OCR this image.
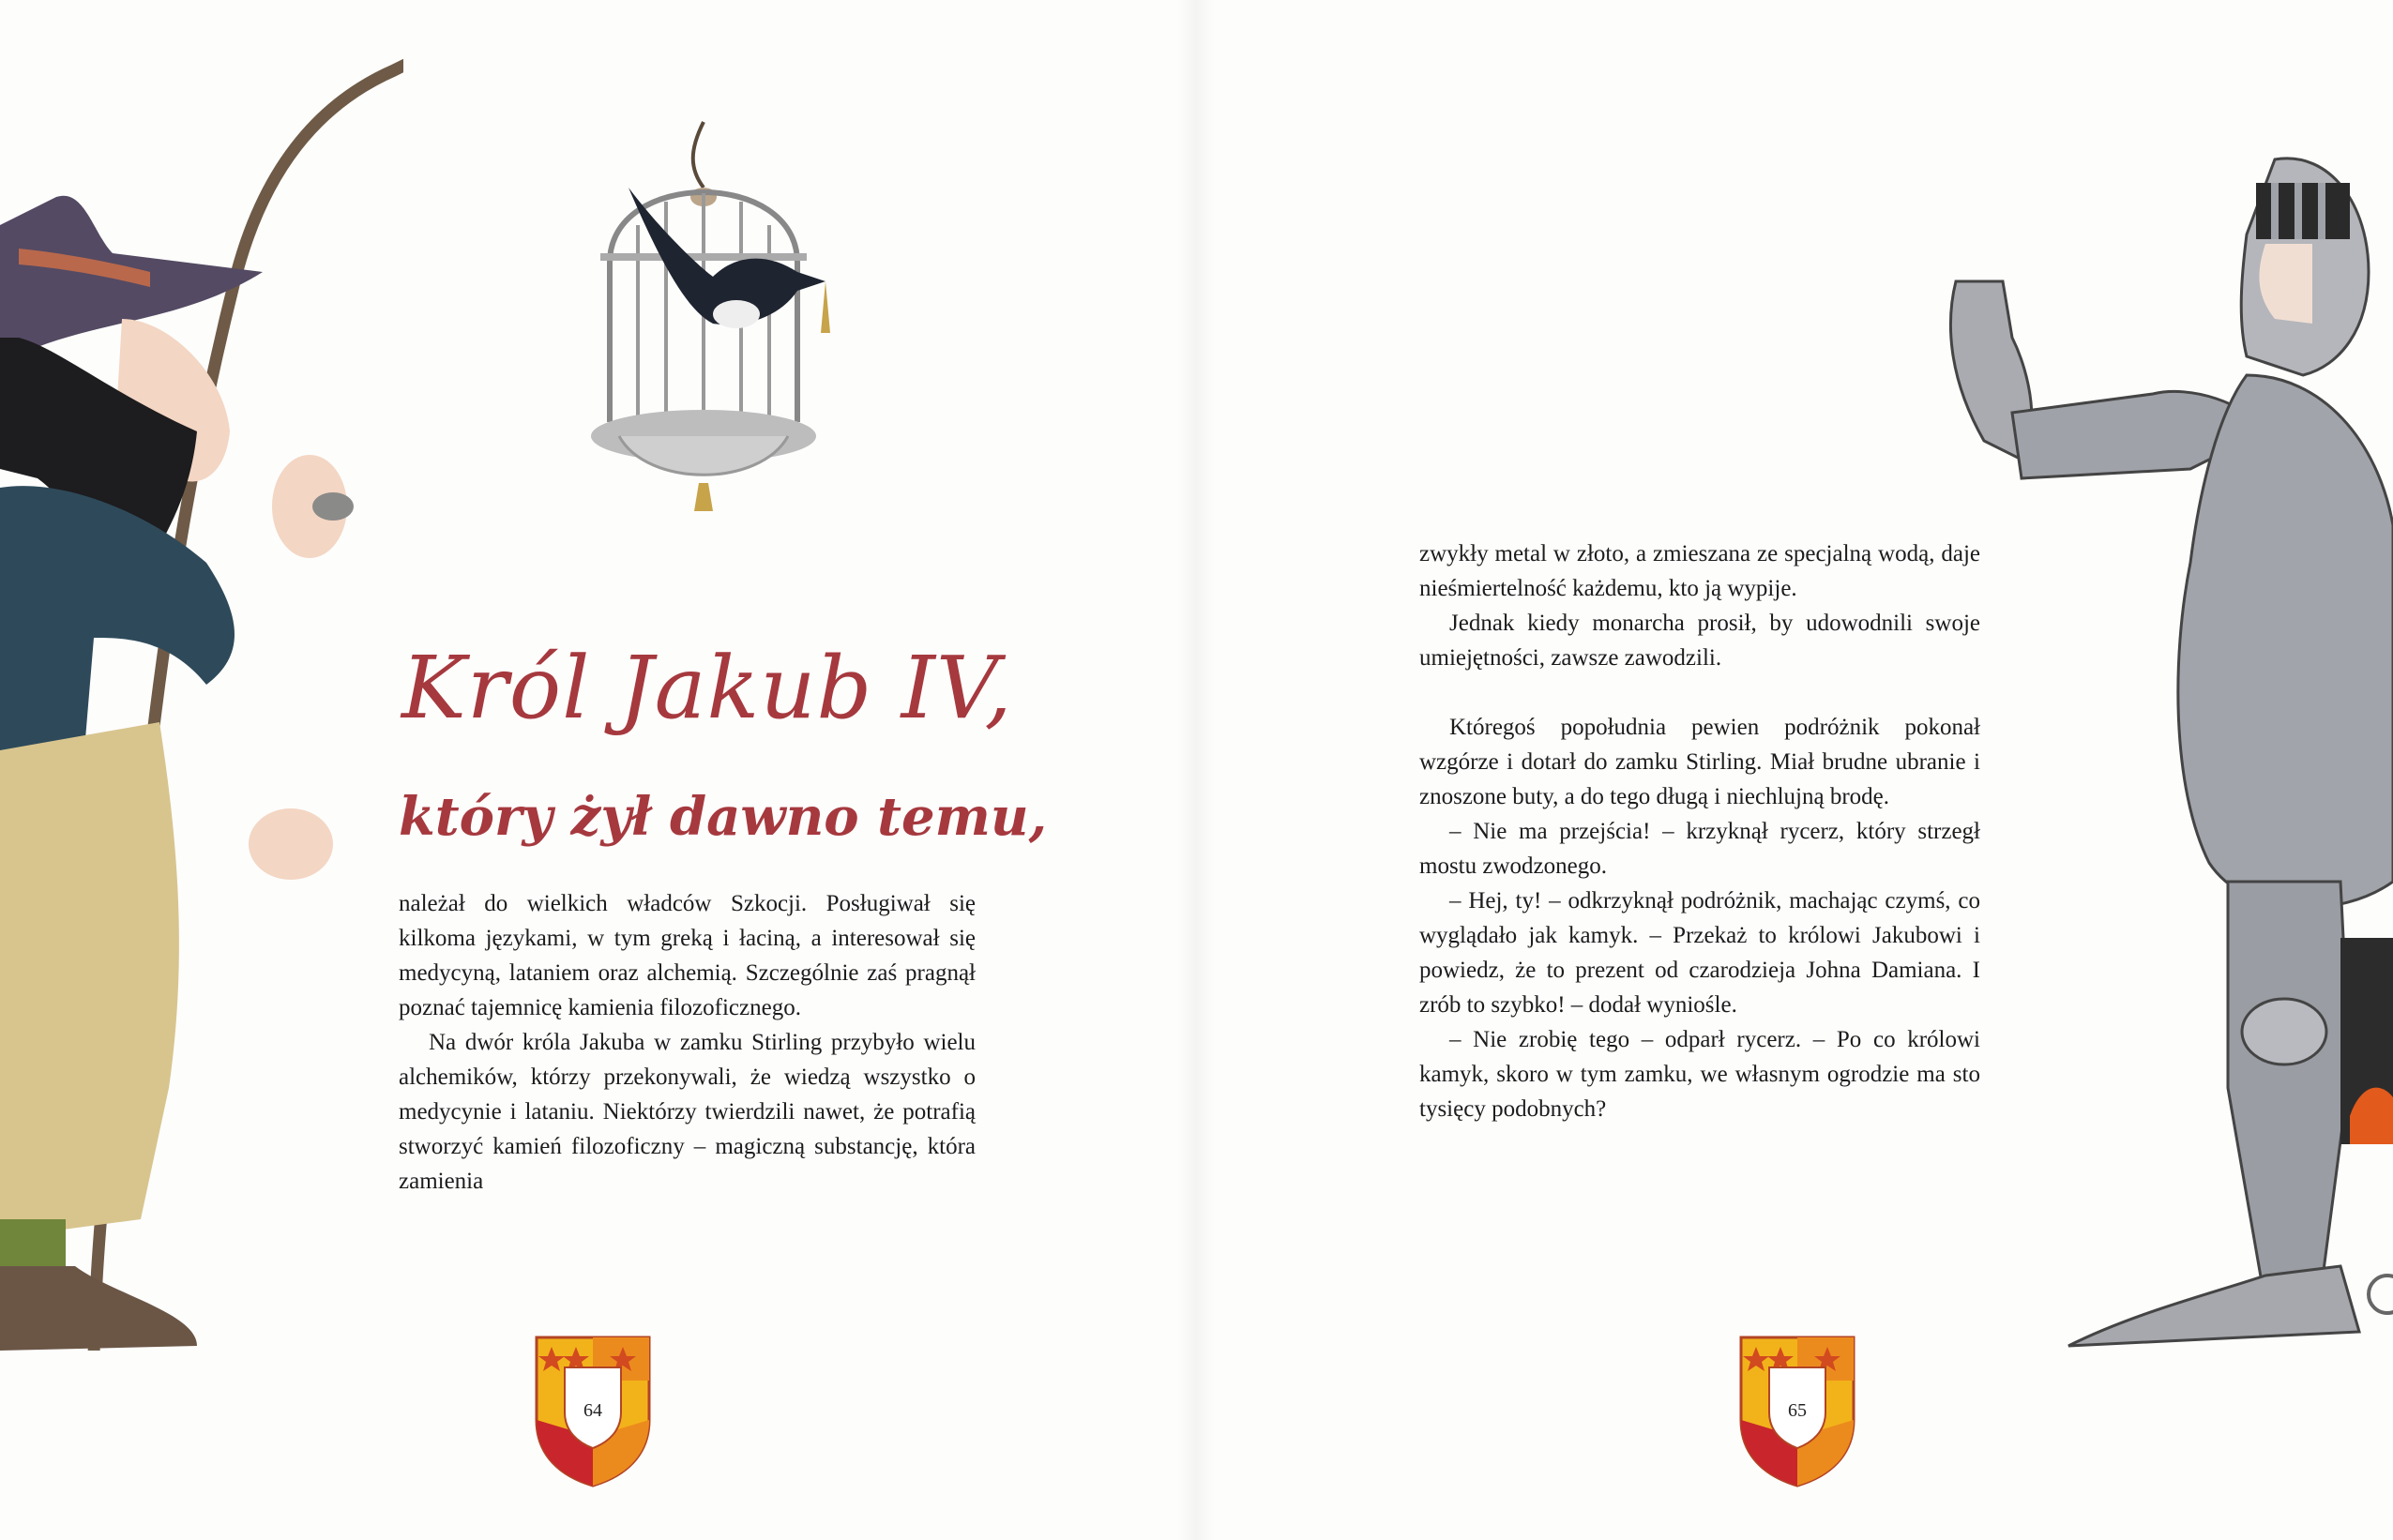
Król Jakub IV,
który żył dawno temu,

należał do wielkich władców Szkocji. Posługiwał się kilkoma językami, w tym greką i łaciną, a interesował się medycyną, lataniem oraz alchemią. Szczególnie zaś pragnął poznać tajemnicę kamienia filozoficznego.

Na dwór króla Jakuba w zamku Stirling przybyło wielu alchemików, którzy przekonywali, że wiedzą wszystko o medycynie i lataniu. Niektórzy twierdzili nawet, że potrafią stworzyć kamień filozoficzny – magiczną substancję, która zamienia

64

zwykły metal w złoto, a zmieszana ze specjalną wodą, daje nieśmiertelność każdemu, kto ją wypije.

Jednak kiedy monarcha prosił, by udowodnili swoje umiejętności, zawsze zawodzili.

Któregoś popołudnia pewien podróżnik pokonał wzgórze i dotarł do zamku Stirling. Miał brudne ubranie i znoszone buty, a do tego długą i niechlujną brodę.

– Nie ma przejścia! – krzyknął rycerz, który strzegł mostu zwodzonego.

– Hej, ty! – odkrzyknął podróżnik, machając czymś, co wyglądało jak kamyk. – Przekaż to królowi Jakubowi i powiedz, że to prezent od czarodzieja Johna Damiana. I zrób to szybko! – dodał wyniośle.

– Nie zrobię tego – odparł rycerz. – Po co królowi kamyk, skoro w tym zamku, we własnym ogrodzie ma sto tysięcy podobnych?

65
